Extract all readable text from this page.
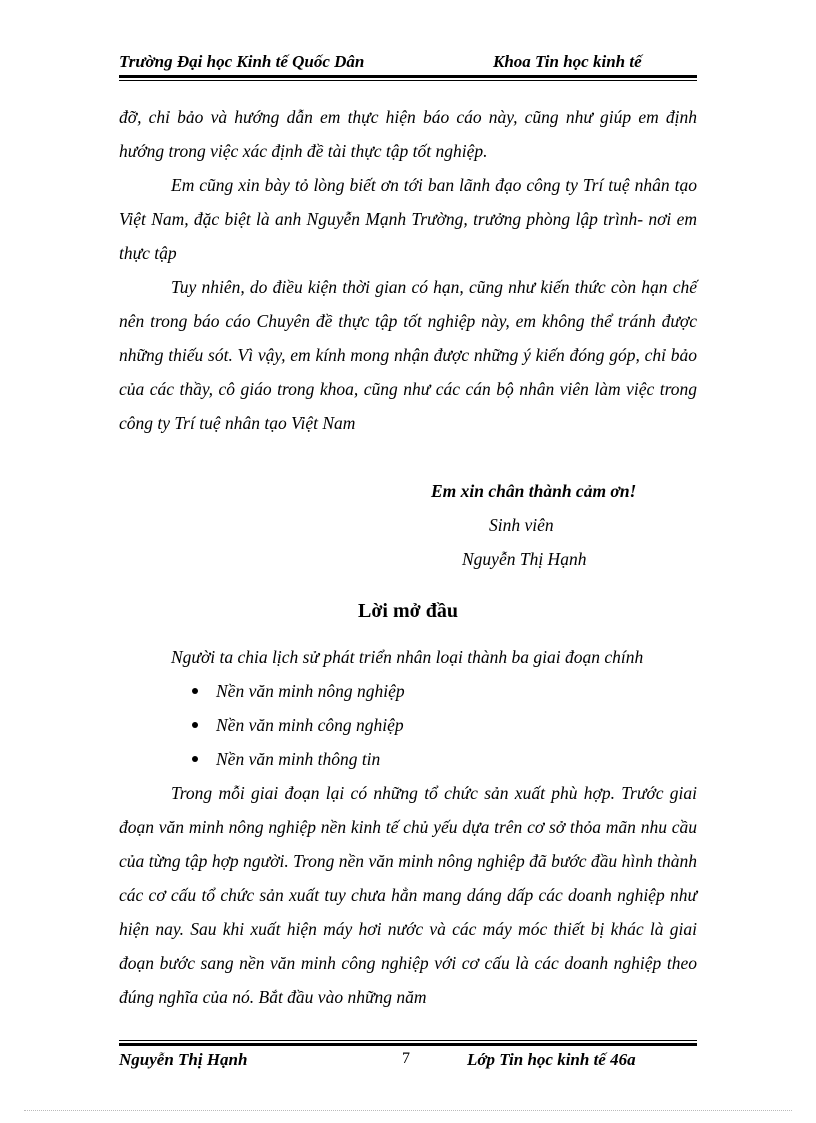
Trường Đại học Kinh tế Quốc Dân	Khoa Tin học kinh tế

đỡ, chỉ bảo và hướng dẫn em thực hiện báo cáo này, cũng như giúp em định hướng trong việc xác định đề tài thực tập tốt nghiệp.

Em cũng xin bày tỏ lòng biết ơn tới ban lãnh đạo công ty Trí tuệ nhân tạo Việt Nam, đặc biệt là anh Nguyễn Mạnh Trường, trưởng phòng lập trình- nơi em thực tập

Tuy nhiên, do điều kiện thời gian có hạn, cũng như kiến thức còn hạn chế nên trong báo cáo Chuyên đề thực tập tốt nghiệp này, em không thể tránh được những thiếu sót. Vì vậy, em kính mong nhận được những ý kiến đóng góp, chỉ bảo của các thầy, cô giáo trong khoa, cũng như các cán bộ nhân viên làm việc trong công ty Trí tuệ nhân tạo Việt Nam

Em xin chân thành cảm ơn!
Sinh viên
Nguyễn Thị Hạnh
Lời mở đầu

Người ta chia lịch sử phát triển nhân loại thành ba giai đoạn chính

Nền văn minh nông nghiệp
Nền văn minh công nghiệp
Nền văn minh thông tin

Trong mỗi giai đoạn lại có những tổ chức sản xuất phù hợp. Trước giai đoạn văn minh nông nghiệp nền kinh tế chủ yếu dựa trên cơ sở thỏa mãn nhu cầu của từng tập hợp người. Trong nền văn minh nông nghiệp đã bước đầu hình thành các cơ cấu tổ chức sản xuất tuy chưa hẳn mang dáng dấp các doanh nghiệp như hiện nay. Sau khi xuất hiện máy hơi nước và các máy móc thiết bị khác là giai đoạn bước sang nền văn minh công nghiệp với cơ cấu là các doanh nghiệp theo đúng nghĩa của nó. Bắt đầu vào những năm

Nguyễn Thị Hạnh	7	Lớp Tin học kinh tế 46a
